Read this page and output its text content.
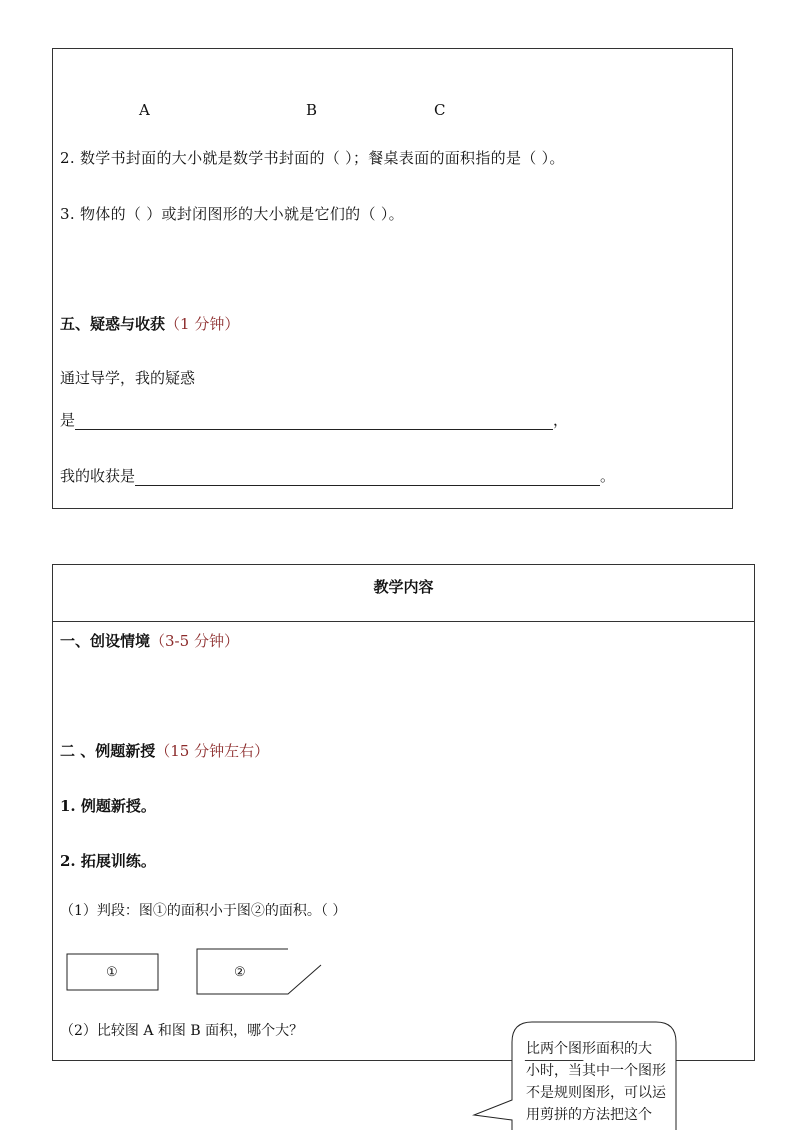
A	B	C
2. 数学书封面的大小就是数学书封面的（ ）；餐桌表面的面积指的是（ ）。
3. 物体的（ ）或封闭图形的大小就是它们的（ ）。
五、疑惑与收获（1 分钟）
通过导学，我的疑惑
是	，
我的收获是	。
教学内容
一、创设情境（3-5 分钟）
二 、例题新授（15 分钟左右）
1. 例题新授。
2. 拓展训练。
（1）判段：图①的面积小于图②的面积。（ ）
①	②
（2）比较图 A 和图 B 面积，哪个大？
比两个图形面积的大
小时，当其中一个图形
不是规则图形，可以运
用剪拼的方法把这个
